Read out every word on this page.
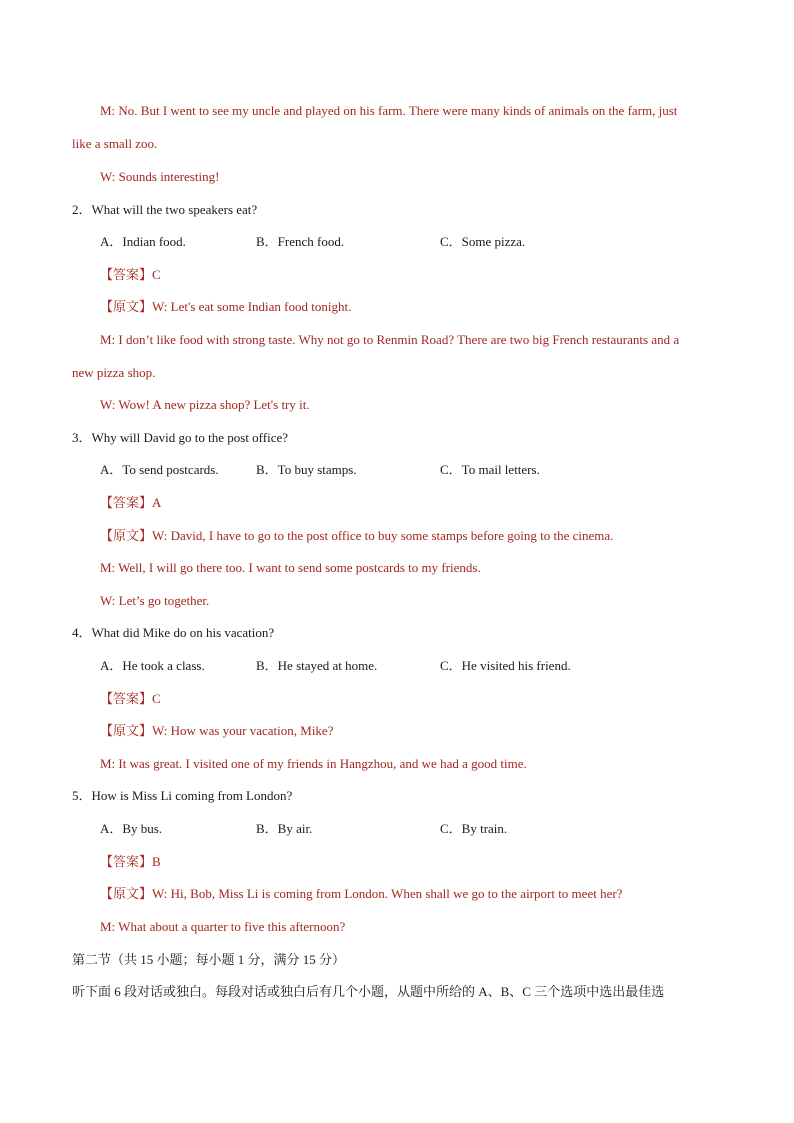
M: No. But I went to see my uncle and played on his farm. There were many kinds of animals on the farm, just
like a small zoo.
W: Sounds interesting!
2．What will the two speakers eat?
A．Indian food.	B．French food.	C．Some pizza.
【答案】C
【原文】W: Let's eat some Indian food tonight.
M: I don’t like food with strong taste. Why not go to Renmin Road? There are two big French restaurants and a
new pizza shop.
W: Wow! A new pizza shop? Let's try it.
3．Why will David go to the post office?
A．To send postcards.	B．To buy stamps.	C．To mail letters.
【答案】A
【原文】W: David, I have to go to the post office to buy some stamps before going to the cinema.
M: Well, I will go there too. I want to send some postcards to my friends.
W: Let’s go together.
4．What did Mike do on his vacation?
A．He took a class.	B．He stayed at home.	C．He visited his friend.
【答案】C
【原文】W: How was your vacation, Mike?
M: It was great. I visited one of my friends in Hangzhou, and we had a good time.
5．How is Miss Li coming from London?
A．By bus.	B．By air.	C．By train.
【答案】B
【原文】W: Hi, Bob, Miss Li is coming from London. When shall we go to the airport to meet her?
M: What about a quarter to five this afternoon?
第二节（共 15 小题；每小题 1 分，满分 15 分）
听下面 6 段对话或独白。每段对话或独白后有几个小题，从题中所给的 A、B、C 三个选项中选出最佳选
